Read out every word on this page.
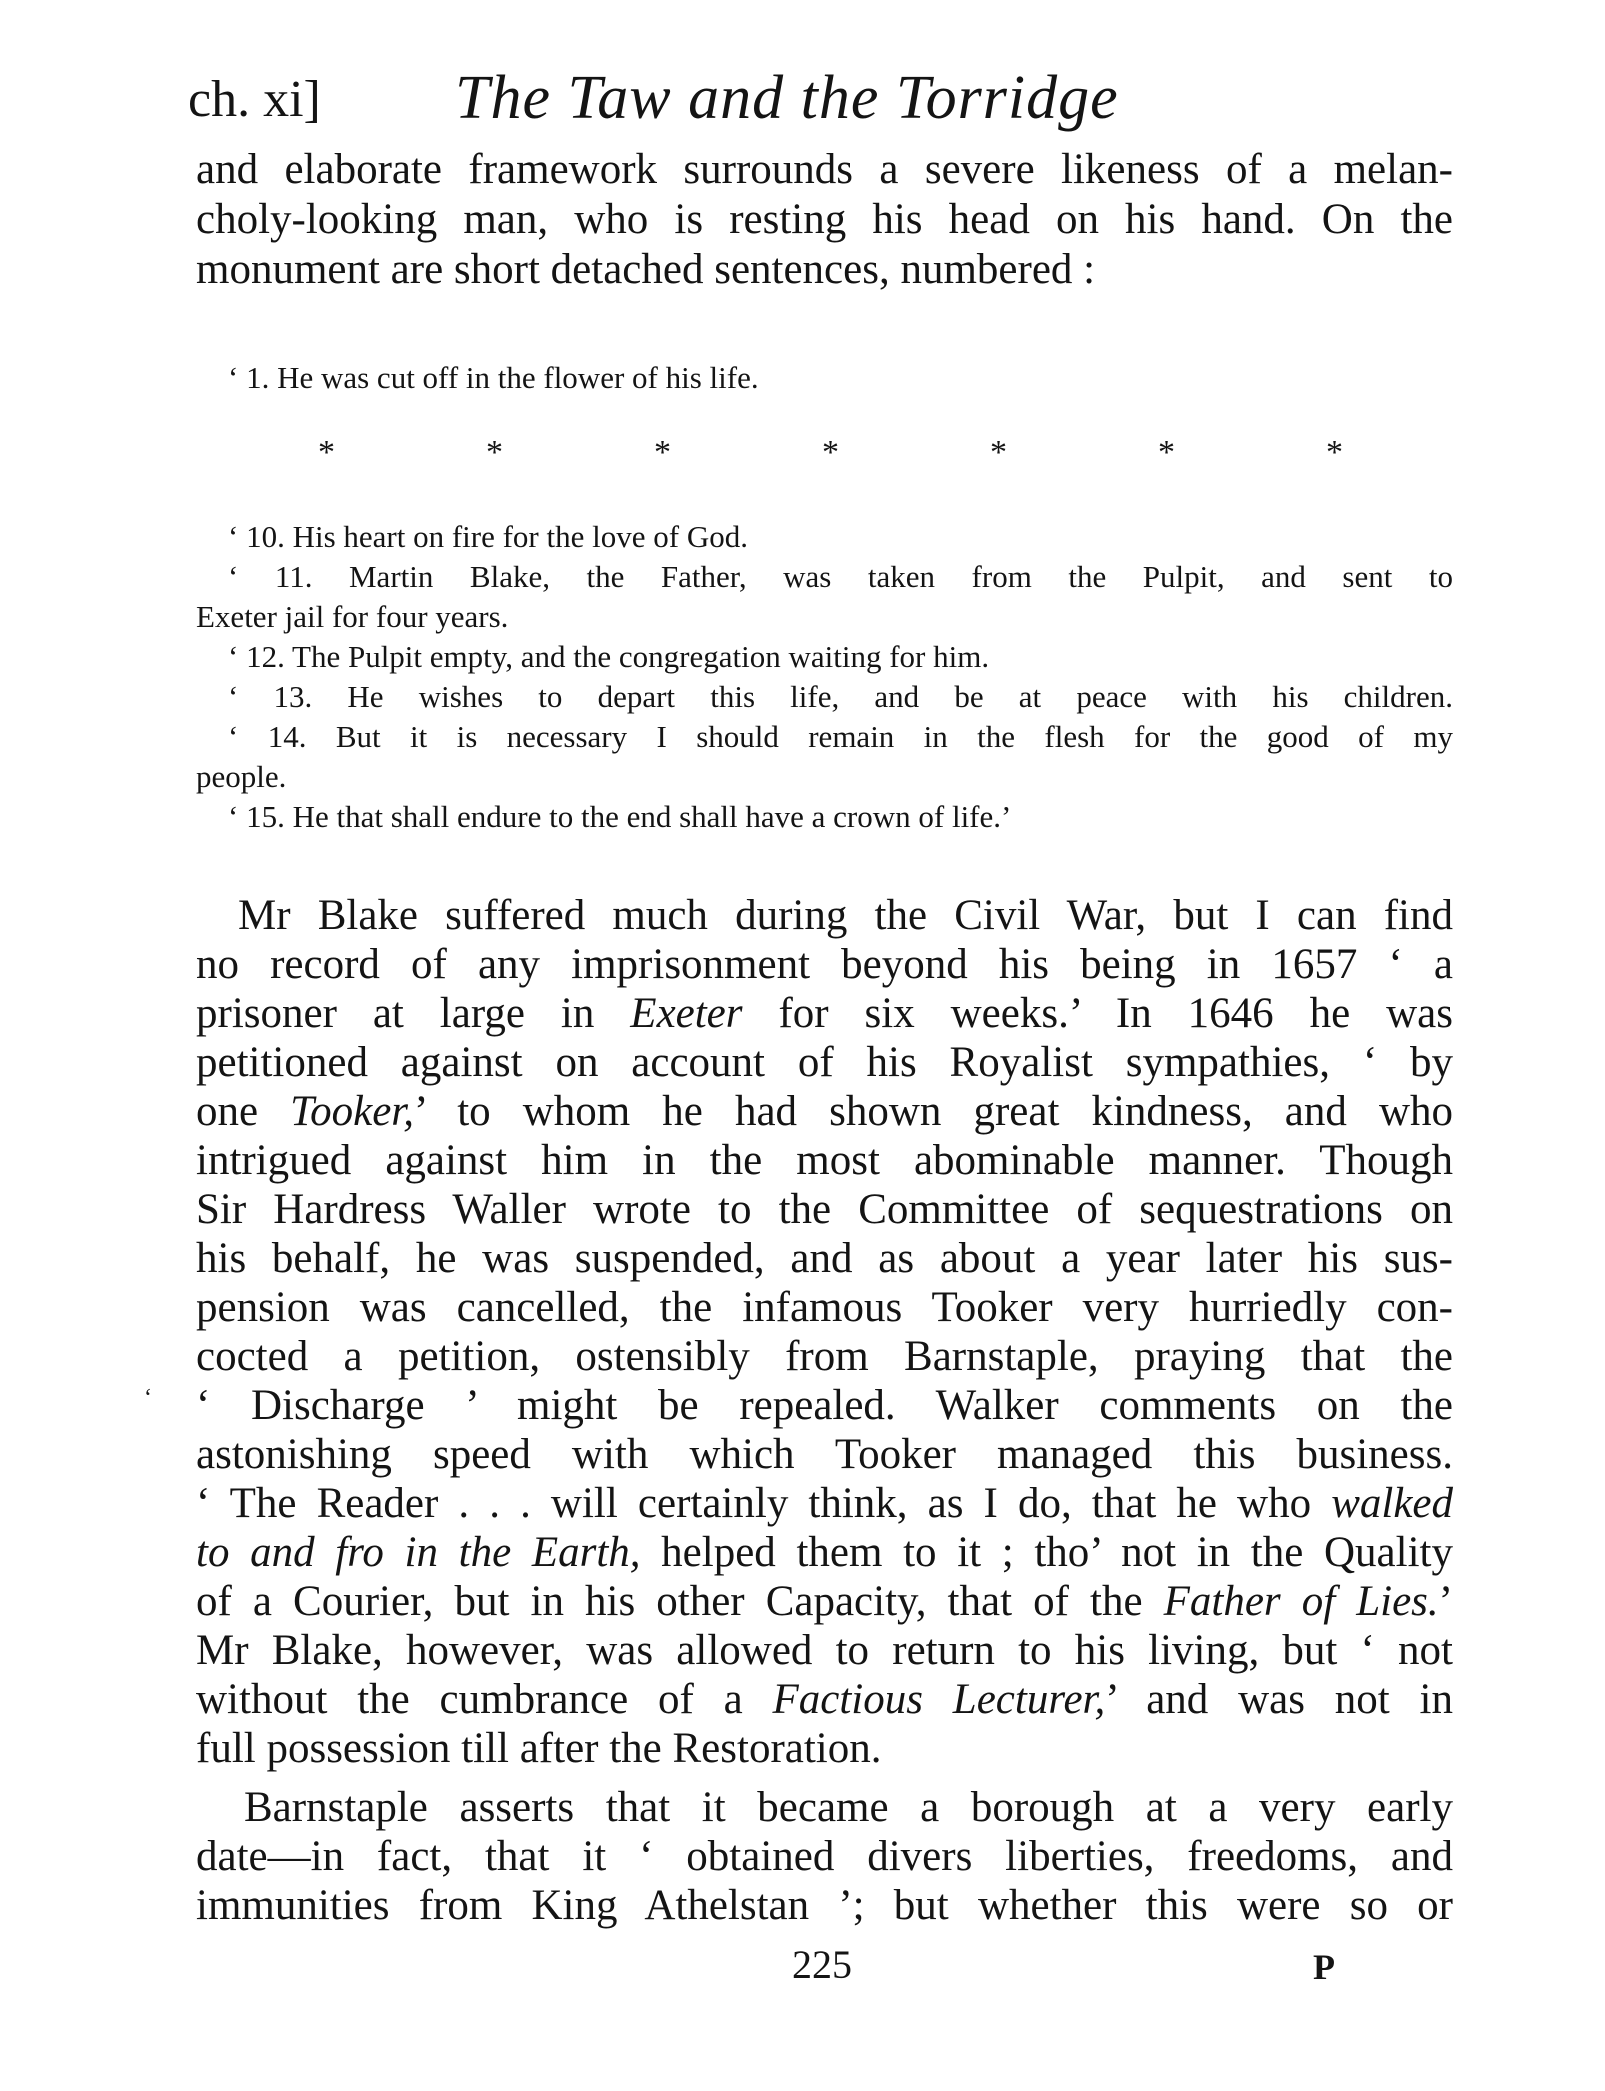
ch. xi] The Taw and the Torridge
and elaborate framework surrounds a severe likeness of a melan-
choly-looking man, who is resting his head on his hand. On the
monument are short detached sentences, numbered :
‘ 1. He was cut off in the flower of his life.
*	*	*	*	*	*	*
‘ 10. His heart on fire for the love of God.
‘ 11. Martin Blake, the Father, was taken from the Pulpit, and sent to
Exeter jail for four years.
‘ 12. The Pulpit empty, and the congregation waiting for him.
‘ 13. He wishes to depart this life, and be at peace with his children.
‘ 14. But it is necessary I should remain in the flesh for the good of my
people.
‘ 15. He that shall endure to the end shall have a crown of life.’
Mr Blake suffered much during the Civil War, but I can find
no record of any imprisonment beyond his being in 1657 ‘ a
prisoner at large in Exeter for six weeks.’ In 1646 he was
petitioned against on account of his Royalist sympathies, ‘ by
one Tooker,’ to whom he had shown great kindness, and who
intrigued against him in the most abominable manner. Though
Sir Hardress Waller wrote to the Committee of sequestrations on
his behalf, he was suspended, and as about a year later his sus-
pension was cancelled, the infamous Tooker very hurriedly con-
cocted a petition, ostensibly from Barnstaple, praying that the
‘ Discharge ’ might be repealed. Walker comments on the
astonishing speed with which Tooker managed this business.
‘ The Reader . . . will certainly think, as I do, that he who walked
to and fro in the Earth, helped them to it ; tho’ not in the Quality
of a Courier, but in his other Capacity, that of the Father of Lies.’
Mr Blake, however, was allowed to return to his living, but ‘ not
without the cumbrance of a Factious Lecturer,’ and was not in
full possession till after the Restoration.
Barnstaple asserts that it became a borough at a very early
date—in fact, that it ‘ obtained divers liberties, freedoms, and
immunities from King Athelstan ’; but whether this were so or
‘
225	P
